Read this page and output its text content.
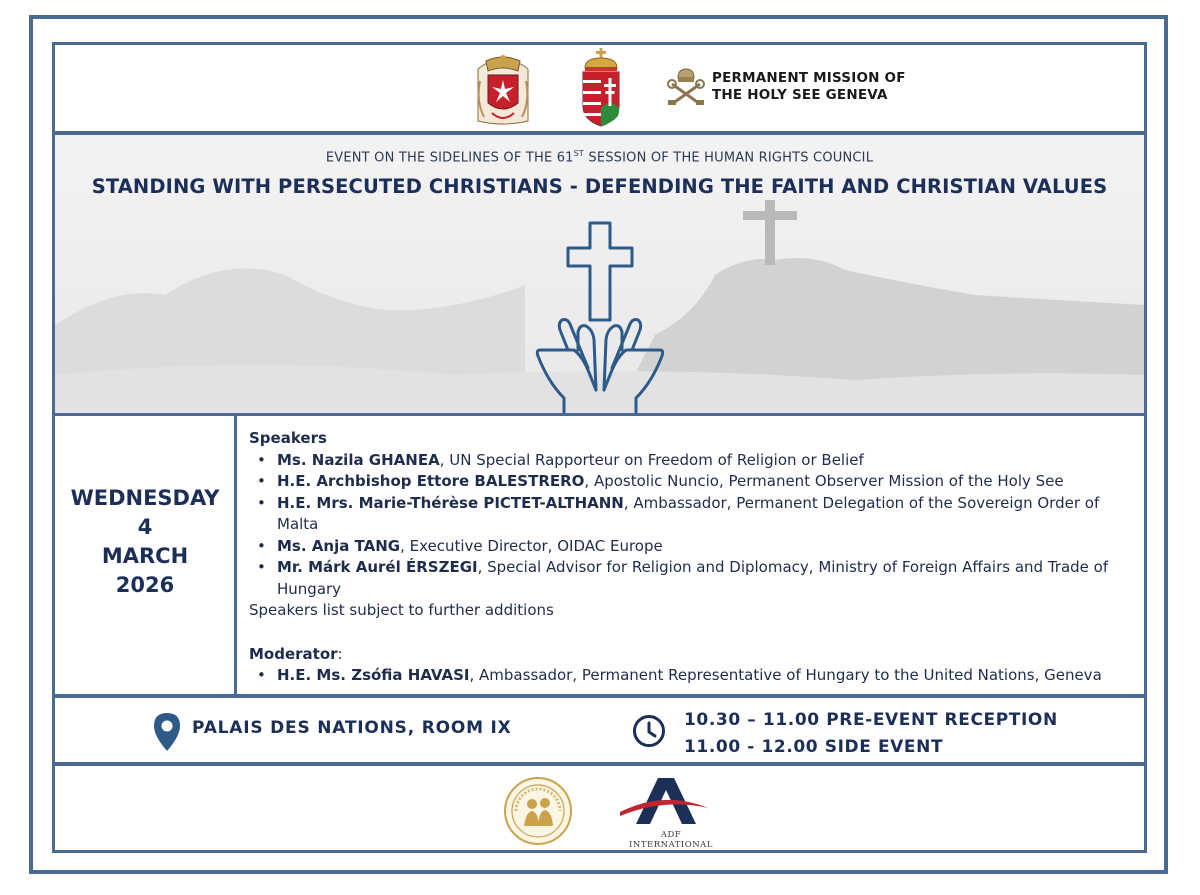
PERMANENT MISSION OF
THE HOLY SEE GENEVA
EVENT ON THE SIDELINES OF THE 61ST SESSION OF THE HUMAN RIGHTS COUNCIL
STANDING WITH PERSECUTED CHRISTIANS - DEFENDING THE FAITH AND CHRISTIAN VALUES
WEDNESDAY
4
MARCH
2026
Speakers
• Ms. Nazila GHANEA, UN Special Rapporteur on Freedom of Religion or Belief
• H.E. Archbishop Ettore BALESTRERO, Apostolic Nuncio, Permanent Observer Mission of the Holy See
• H.E. Mrs. Marie-Thérèse PICTET-ALTHANN, Ambassador, Permanent Delegation of the Sovereign Order of Malta
• Ms. Anja TANG, Executive Director, OIDAC Europe
• Mr. Márk Aurél ÉRSZEGI, Special Advisor for Religion and Diplomacy, Ministry of Foreign Affairs and Trade of Hungary
Speakers list subject to further additions
Moderator:
• H.E. Ms. Zsófia HAVASI, Ambassador, Permanent Representative of Hungary to the United Nations, Geneva
PALAIS DES NATIONS, ROOM IX	10.30 – 11.00 PRE-EVENT RECEPTION
11.00 - 12.00 SIDE EVENT
ADF INTERNATIONAL
